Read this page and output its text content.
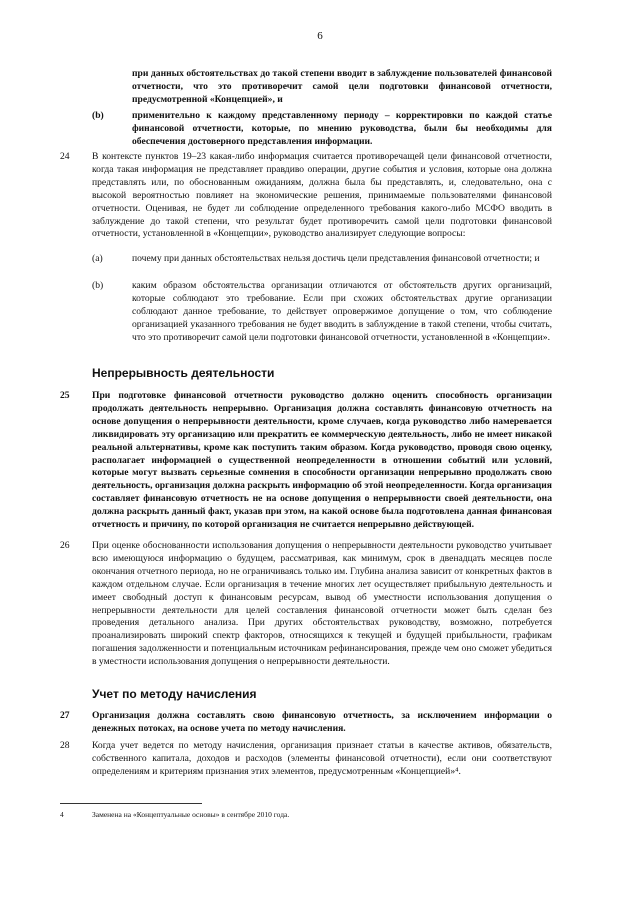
6

при данных обстоятельствах до такой степени вводит в заблуждение пользователей финансовой отчетности, что это противоречит самой цели подготовки финансовой отчетности, предусмотренной «Концепцией», и

(b)	применительно к каждому представленному периоду – корректировки по каждой статье финансовой отчетности, которые, по мнению руководства, были бы необходимы для обеспечения достоверного представления информации.

24 В контексте пунктов 19–23 какая-либо информация считается противоречащей цели финансовой отчетности, когда такая информация не представляет правдиво операции, другие события и условия, которые она должна представлять или, по обоснованным ожиданиям, должна была бы представлять, и, следовательно, она с высокой вероятностью повлияет на экономические решения, принимаемые пользователями финансовой отчетности. Оценивая, не будет ли соблюдение определенного требования какого-либо МСФО вводить в заблуждение до такой степени, что результат будет противоречить самой цели подготовки финансовой отчетности, установленной в «Концепции», руководство анализирует следующие вопросы:

(a)	почему при данных обстоятельствах нельзя достичь цели представления финансовой отчетности; и

(b)	каким образом обстоятельства организации отличаются от обстоятельств других организаций, которые соблюдают это требование. Если при схожих обстоятельствах другие организации соблюдают данное требование, то действует опровержимое допущение о том, что соблюдение организацией указанного требования не будет вводить в заблуждение в такой степени, чтобы считать, что это противоречит самой цели подготовки финансовой отчетности, установленной в «Концепции».

Непрерывность деятельности
25 При подготовке финансовой отчетности руководство должно оценить способность организации продолжать деятельность непрерывно. Организация должна составлять финансовую отчетность на основе допущения о непрерывности деятельности, кроме случаев, когда руководство либо намеревается ликвидировать эту организацию или прекратить ее коммерческую деятельность, либо не имеет никакой реальной альтернативы, кроме как поступить таким образом. Когда руководство, проводя свою оценку, располагает информацией о существенной неопределенности в отношении событий или условий, которые могут вызвать серьезные сомнения в способности организации непрерывно продолжать свою деятельность, организация должна раскрыть информацию об этой неопределенности. Когда организация составляет финансовую отчетность не на основе допущения о непрерывности своей деятельности, она должна раскрыть данный факт, указав при этом, на какой основе была подготовлена данная финансовая отчетность и причину, по которой организация не считается непрерывно действующей.

26 При оценке обоснованности использования допущения о непрерывности деятельности руководство учитывает всю имеющуюся информацию о будущем, рассматривая, как минимум, срок в двенадцать месяцев после окончания отчетного периода, но не ограничиваясь только им. Глубина анализа зависит от конкретных фактов в каждом отдельном случае. Если организация в течение многих лет осуществляет прибыльную деятельность и имеет свободный доступ к финансовым ресурсам, вывод об уместности использования допущения о непрерывности деятельности для целей составления финансовой отчетности может быть сделан без проведения детального анализа. При других обстоятельствах руководству, возможно, потребуется проанализировать широкий спектр факторов, относящихся к текущей и будущей прибыльности, графикам погашения задолженности и потенциальным источникам рефинансирования, прежде чем оно сможет убедиться в уместности использования допущения о непрерывности деятельности.

Учет по методу начисления
27 Организация должна составлять свою финансовую отчетность, за исключением информации о денежных потоках, на основе учета по методу начисления.

28 Когда учет ведется по методу начисления, организация признает статьи в качестве активов, обязательств, собственного капитала, доходов и расходов (элементы финансовой отчетности), если они соответствуют определениям и критериям признания этих элементов, предусмотренным «Концепцией»⁴.

4	Заменена на «Концептуальные основы» в сентябре 2010 года.
